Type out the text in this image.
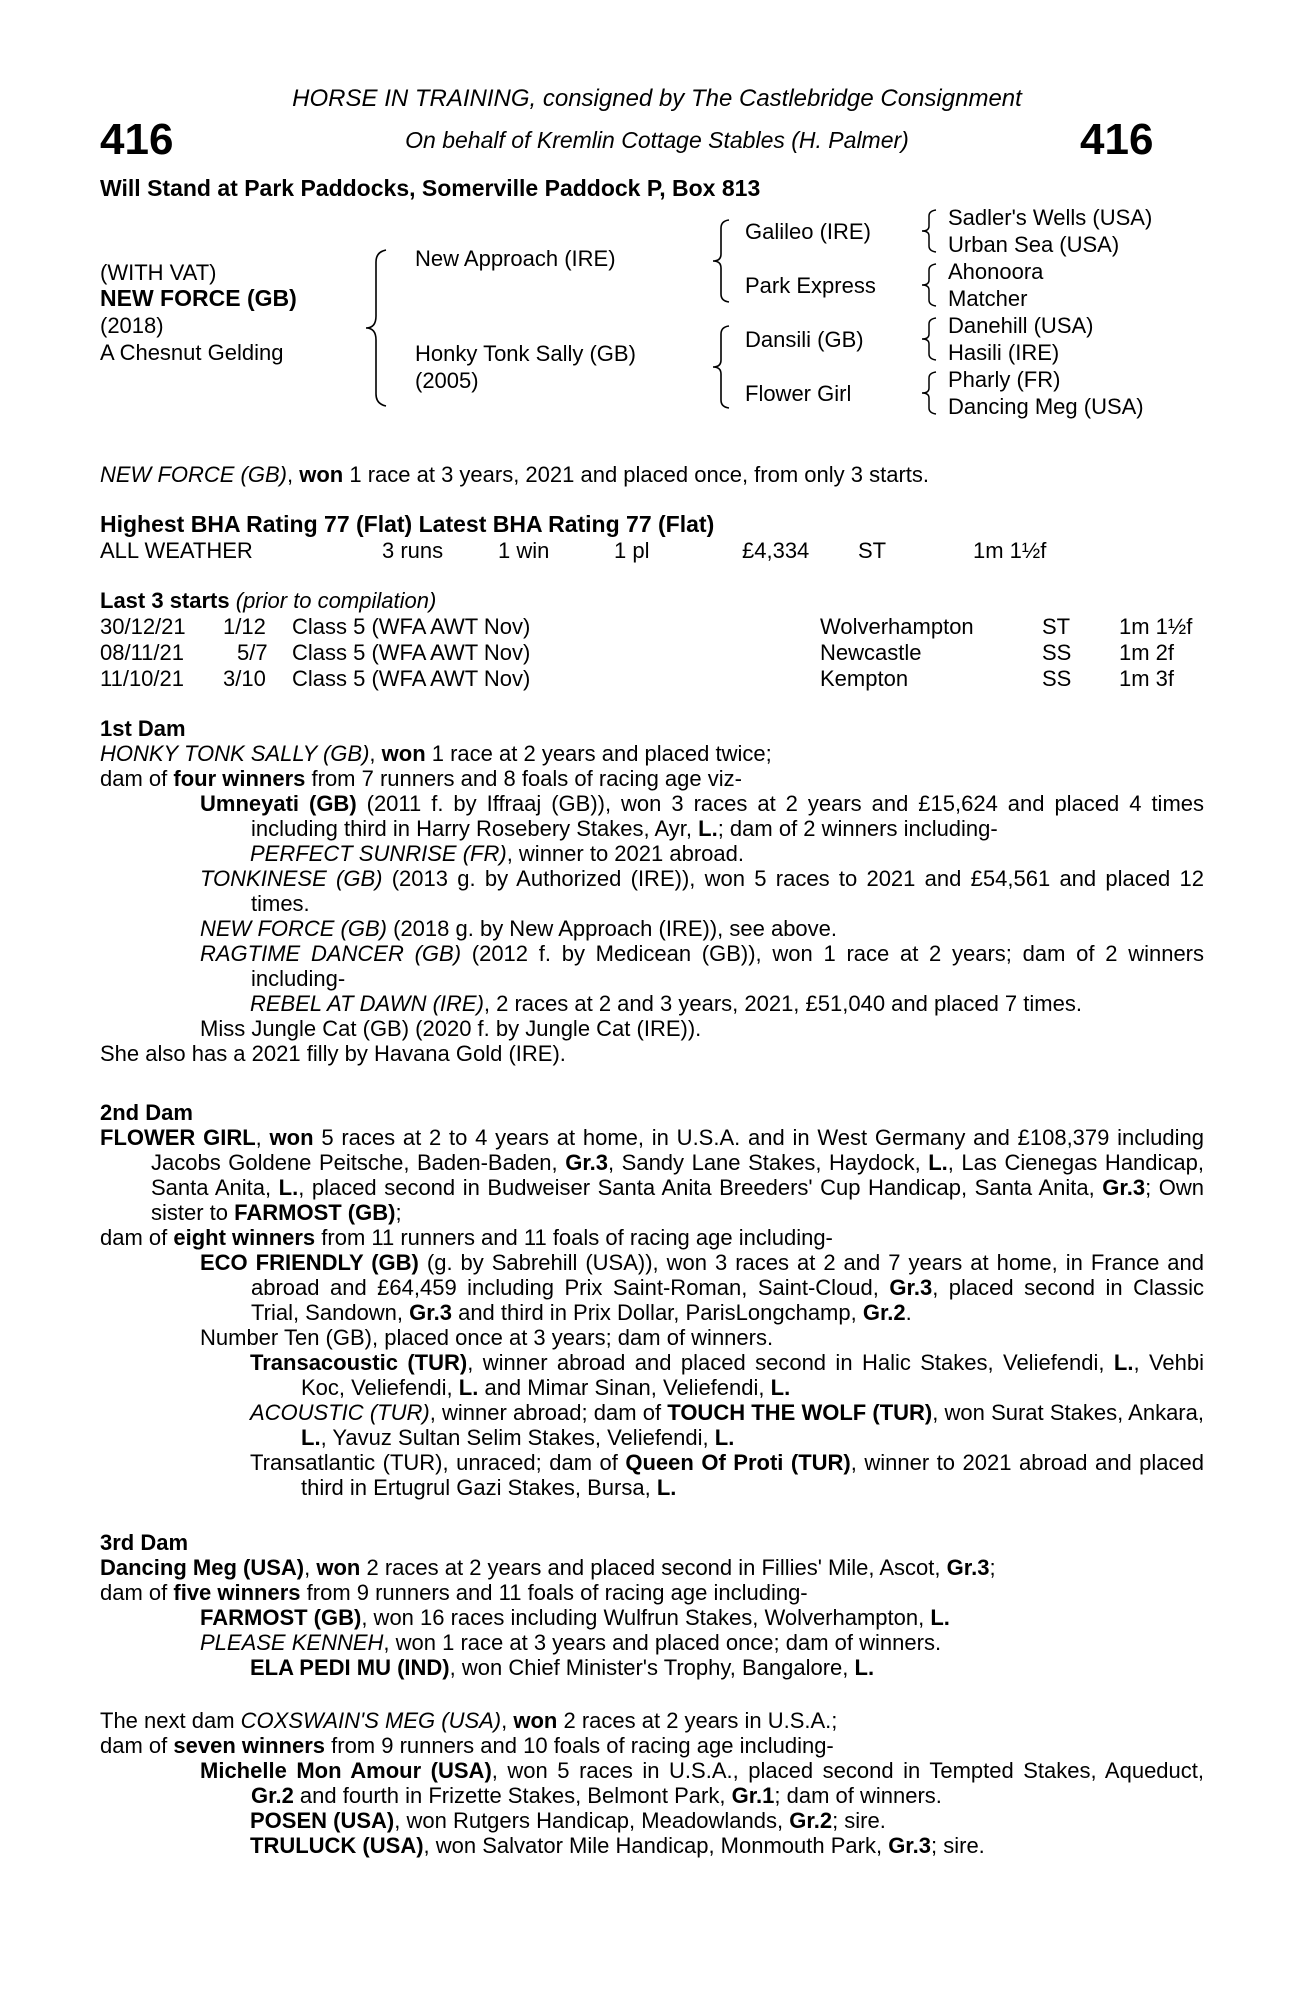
416	416
HORSE IN TRAINING, consigned by The Castlebridge Consignment
On behalf of Kremlin Cottage Stables (H. Palmer)
Will Stand at Park Paddocks, Somerville Paddock P, Box 813
(WITH VAT)
NEW FORCE (GB)
(2018)
A Chesnut Gelding
New Approach (IRE)
Honky Tonk Sally (GB)
(2005)
Galileo (IRE)
Park Express
Dansili (GB)
Flower Girl
Sadler's Wells (USA)
Urban Sea (USA)
Ahonoora
Matcher
Danehill (USA)
Hasili (IRE)
Pharly (FR)
Dancing Meg (USA)
NEW FORCE (GB), won 1 race at 3 years, 2021 and placed once, from only 3 starts.
Highest BHA Rating 77 (Flat) Latest BHA Rating 77 (Flat)
ALL WEATHER	3 runs 1 win	1 pl	£4,334 ST	1m 1½f
Last 3 starts (prior to compilation)
30/12/21 1/12 Class 5 (WFA AWT Nov)	Wolverhampton	ST 1m 1½f
08/11/21 5/7 Class 5 (WFA AWT Nov)	Newcastle	SS 1m 2f
11/10/21 3/10 Class 5 (WFA AWT Nov)	Kempton	SS 1m 3f

1st Dam

HONKY TONK SALLY (GB), won 1 race at 2 years and placed twice;

dam of four winners from 7 runners and 8 foals of racing age viz-

Umneyati (GB) (2011 f. by Iffraaj (GB)), won 3 races at 2 years and £15,624 and placed 4 times including third in Harry Rosebery Stakes, Ayr, L.; dam of 2 winners including-

PERFECT SUNRISE (FR), winner to 2021 abroad.

TONKINESE (GB) (2013 g. by Authorized (IRE)), won 5 races to 2021 and £54,561 and placed 12 times.

NEW FORCE (GB) (2018 g. by New Approach (IRE)), see above.

RAGTIME DANCER (GB) (2012 f. by Medicean (GB)), won 1 race at 2 years; dam of 2 winners including-

REBEL AT DAWN (IRE), 2 races at 2 and 3 years, 2021, £51,040 and placed 7 times.

Miss Jungle Cat (GB) (2020 f. by Jungle Cat (IRE)).

She also has a 2021 filly by Havana Gold (IRE).

2nd Dam

FLOWER GIRL, won 5 races at 2 to 4 years at home, in U.S.A. and in West Germany and £108,379 including Jacobs Goldene Peitsche, Baden-Baden, Gr.3, Sandy Lane Stakes, Haydock, L., Las Cienegas Handicap, Santa Anita, L., placed second in Budweiser Santa Anita Breeders' Cup Handicap, Santa Anita, Gr.3; Own sister to FARMOST (GB);

dam of eight winners from 11 runners and 11 foals of racing age including-

ECO FRIENDLY (GB) (g. by Sabrehill (USA)), won 3 races at 2 and 7 years at home, in France and abroad and £64,459 including Prix Saint-Roman, Saint-Cloud, Gr.3, placed second in Classic Trial, Sandown, Gr.3 and third in Prix Dollar, ParisLongchamp, Gr.2.

Number Ten (GB), placed once at 3 years; dam of winners.

Transacoustic (TUR), winner abroad and placed second in Halic Stakes, Veliefendi, L., Vehbi Koc, Veliefendi, L. and Mimar Sinan, Veliefendi, L.

ACOUSTIC (TUR), winner abroad; dam of TOUCH THE WOLF (TUR), won Surat Stakes, Ankara, L., Yavuz Sultan Selim Stakes, Veliefendi, L.

Transatlantic (TUR), unraced; dam of Queen Of Proti (TUR), winner to 2021 abroad and placed third in Ertugrul Gazi Stakes, Bursa, L.

3rd Dam

Dancing Meg (USA), won 2 races at 2 years and placed second in Fillies' Mile, Ascot, Gr.3;

dam of five winners from 9 runners and 11 foals of racing age including-

FARMOST (GB), won 16 races including Wulfrun Stakes, Wolverhampton, L.

PLEASE KENNEH, won 1 race at 3 years and placed once; dam of winners.

ELA PEDI MU (IND), won Chief Minister's Trophy, Bangalore, L.

The next dam COXSWAIN'S MEG (USA), won 2 races at 2 years in U.S.A.;

dam of seven winners from 9 runners and 10 foals of racing age including-

Michelle Mon Amour (USA), won 5 races in U.S.A., placed second in Tempted Stakes, Aqueduct, Gr.2 and fourth in Frizette Stakes, Belmont Park, Gr.1; dam of winners.

POSEN (USA), won Rutgers Handicap, Meadowlands, Gr.2; sire.

TRULUCK (USA), won Salvator Mile Handicap, Monmouth Park, Gr.3; sire.
